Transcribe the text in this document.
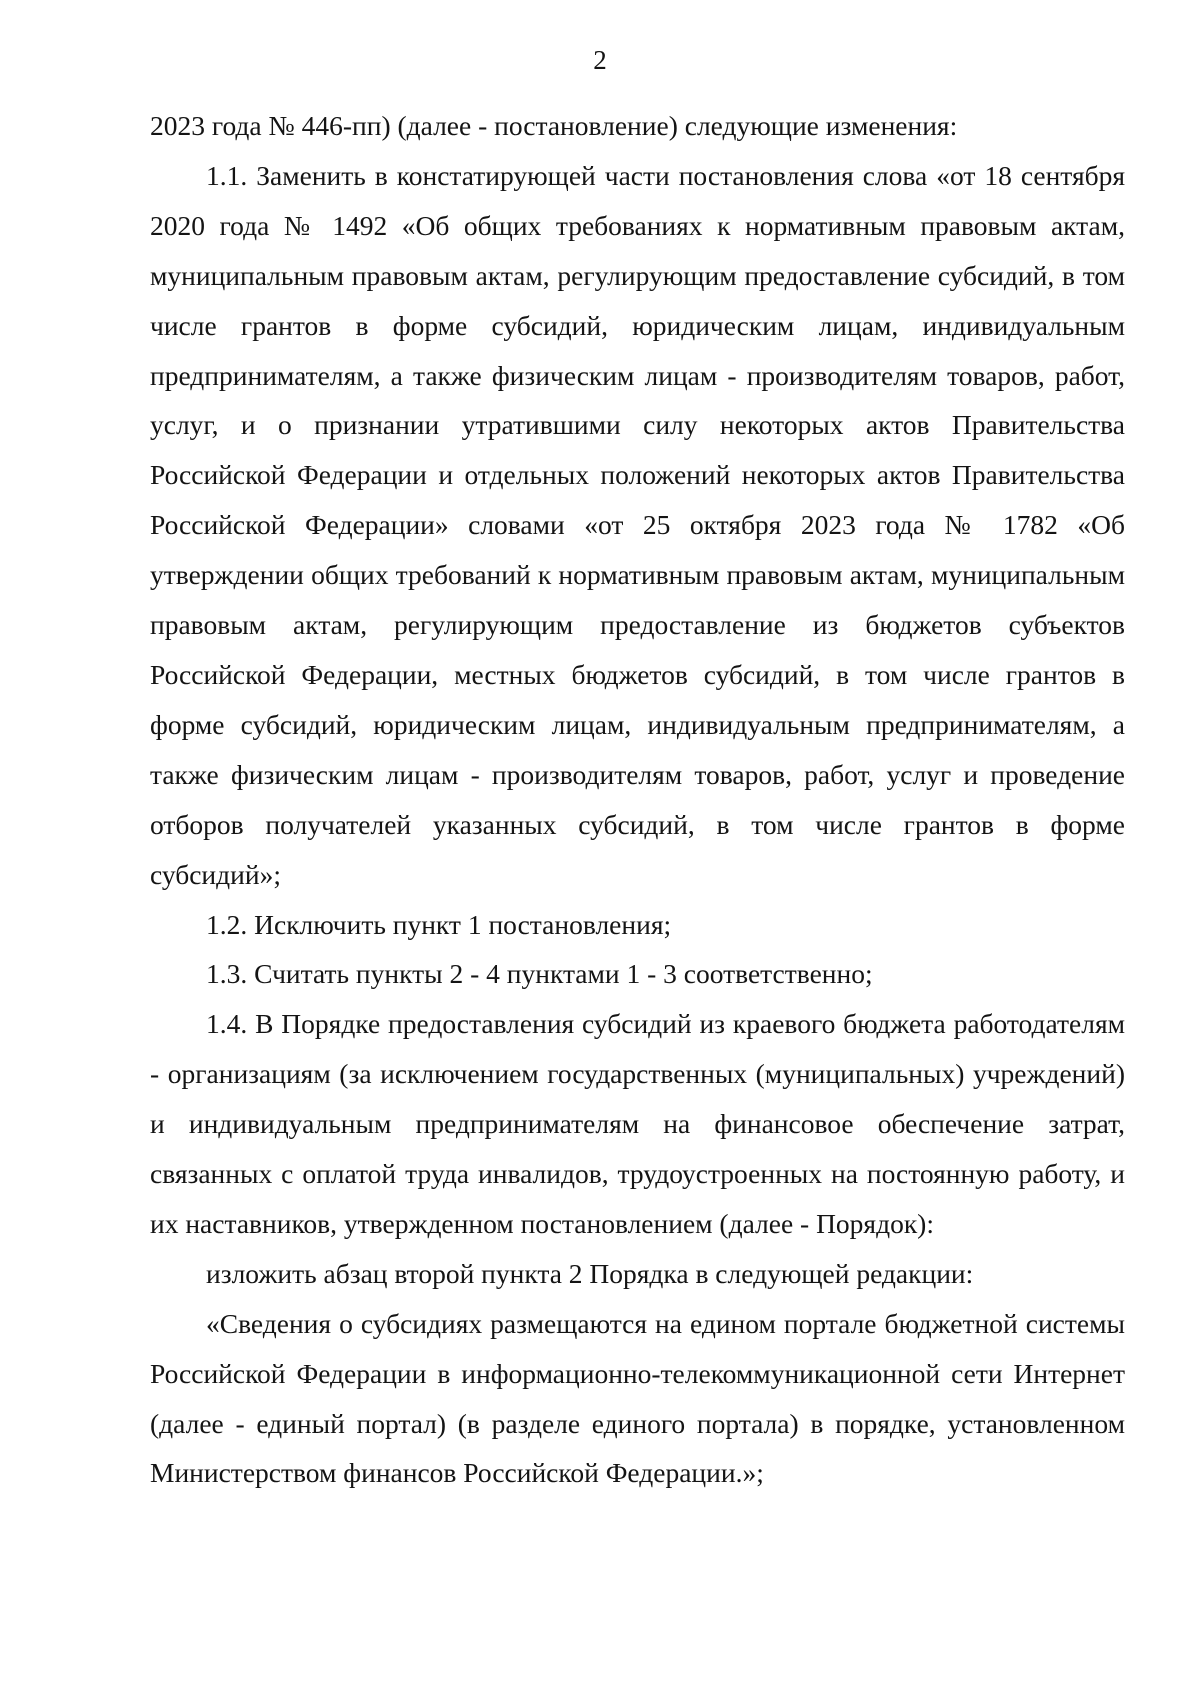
2

2023 года № 446-пп) (далее - постановление) следующие изменения:

1.1. Заменить в констатирующей части постановления слова «от 18 сентября 2020 года № 1492 «Об общих требованиях к нормативным правовым актам, муниципальным правовым актам, регулирующим предоставление субсидий, в том числе грантов в форме субсидий, юридическим лицам, индивидуальным предпринимателям, а также физическим лицам - производителям товаров, работ, услуг, и о признании утратившими силу некоторых актов Правительства Российской Федерации и отдельных положений некоторых актов Правительства Российской Федерации» словами «от 25 октября 2023 года № 1782 «Об утверждении общих требований к нормативным правовым актам, муниципальным правовым актам, регулирующим предоставление из бюджетов субъектов Российской Федерации, местных бюджетов субсидий, в том числе грантов в форме субсидий, юридическим лицам, индивидуальным предпринимателям, а также физическим лицам - производителям товаров, работ, услуг и проведение отборов получателей указанных субсидий, в том числе грантов в форме субсидий»;

1.2. Исключить пункт 1 постановления;

1.3. Считать пункты 2 - 4 пунктами 1 - 3 соответственно;

1.4. В Порядке предоставления субсидий из краевого бюджета работодателям - организациям (за исключением государственных (муниципальных) учреждений) и индивидуальным предпринимателям на финансовое обеспечение затрат, связанных с оплатой труда инвалидов, трудоустроенных на постоянную работу, и их наставников, утвержденном постановлением (далее - Порядок):

изложить абзац второй пункта 2 Порядка в следующей редакции:

«Сведения о субсидиях размещаются на едином портале бюджетной системы Российской Федерации в информационно-телекоммуникационной сети Интернет (далее - единый портал) (в разделе единого портала) в порядке, установленном Министерством финансов Российской Федерации.»;
